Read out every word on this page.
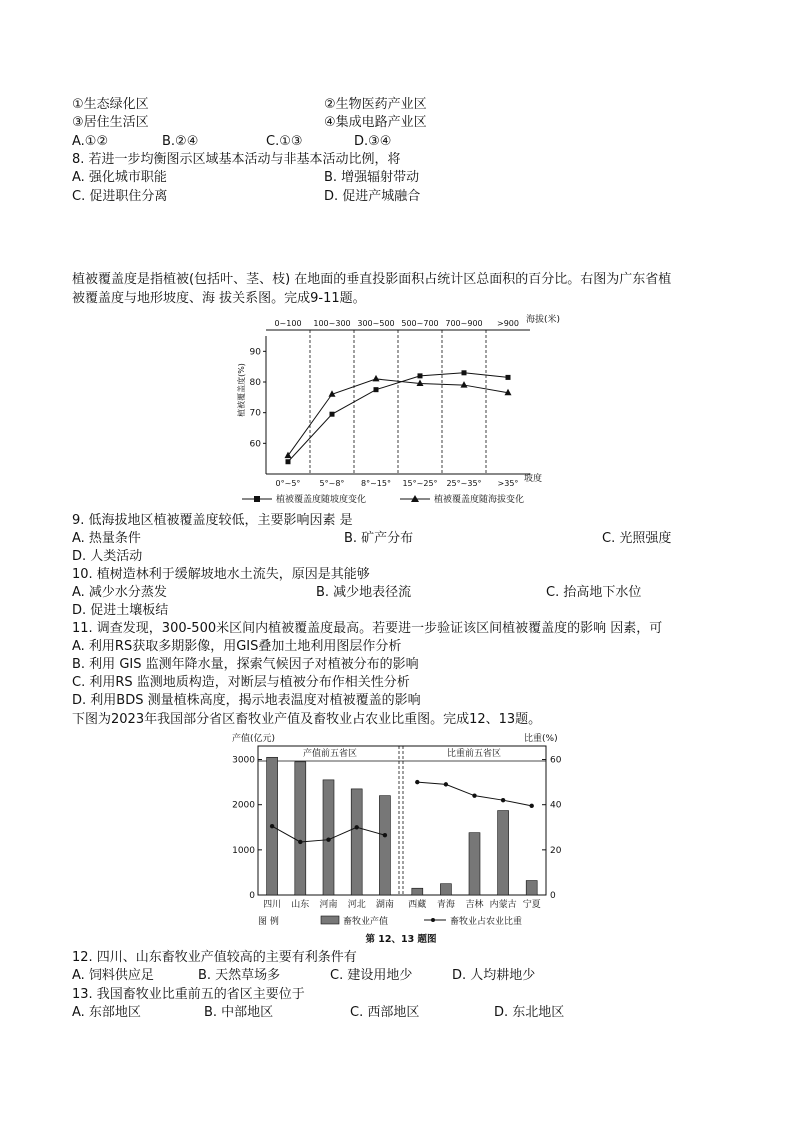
①生态绿化区	②生物医药产业区
③居住生活区	④集成电路产业区
A.①②	B.②④	C.①③	D.③④
8. 若进一步均衡图示区域基本活动与非基本活动比例，将
A. 强化城市职能	B. 增强辐射带动
C. 促进职住分离	D. 促进产城融合
植被覆盖度是指植被(包括叶、茎、枝) 在地面的垂直投影面积占统计区总面积的百分比。右图为广东省植
被覆盖度与地形坡度、海 拔关系图。完成9-11题。
60
70
80
90
0°~5° 5°~8° 8°~15° 15°~25° 25°~35° >35°
0~100 100~300 300~500 500~700 700~900 >900 海拔(米)
坡度
植被覆盖度(%)
植被覆盖度随坡度变化	植被覆盖度随海拔变化
9. 低海拔地区植被覆盖度较低，主要影响因素 是
A. 热量条件	B. 矿产分布	C. 光照强度
D. 人类活动
10. 植树造林利于缓解坡地水土流失，原因是其能够
A. 减少水分蒸发	B. 减少地表径流	C. 抬高地下水位
D. 促进土壤板结
11. 调查发现，300-500米区间内植被覆盖度最高。若要进一步验证该区间植被覆盖度的影响 因素，可
A. 利用RS获取多期影像，用GIS叠加土地利用图层作分析
B. 利用 GIS 监测年降水量，探索气候因子对植被分布的影响
C. 利用RS 监测地质构造，对断层与植被分布作相关性分析
D. 利用BDS 测量植株高度，揭示地表温度对植被覆盖的影响
下图为2023年我国部分省区畜牧业产值及畜牧业占农业比重图。完成12、13题。
0
1000
2000
3000
0
20
40
60
四川 山东 河南 河北 湖南 西藏 青海 吉林 内蒙古 宁夏
产值(亿元)	比重(%)
产值前五省区	比重前五省区
图 例	畜牧业产值	畜牧业占农业比重
第 12、13 题图
12. 四川、山东畜牧业产值较高的主要有利条件有
A. 饲料供应足	B. 天然草场多	C. 建设用地少	D. 人均耕地少
13. 我国畜牧业比重前五的省区主要位于
A. 东部地区	B. 中部地区	C. 西部地区	D. 东北地区
